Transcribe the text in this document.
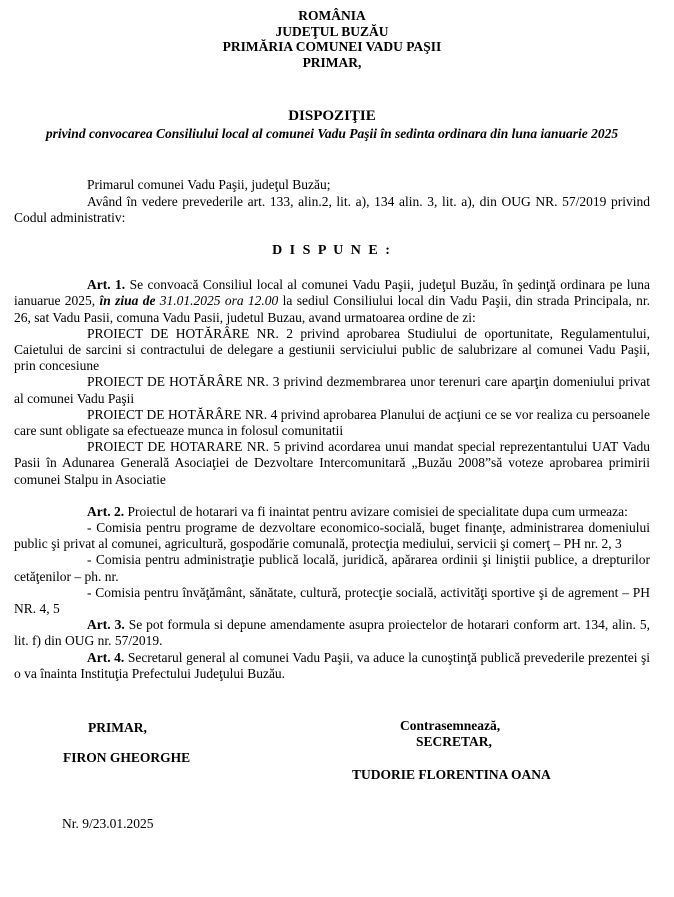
ROMÂNIA
JUDEŢUL BUZĂU
PRIMĂRIA COMUNEI VADU PAŞII
PRIMAR,
DISPOZIŢIE
privind convocarea Consiliului local al comunei Vadu Paşii în sedinta ordinara din luna ianuarie 2025

Primarul comunei Vadu Paşii, judeţul Buzău;

Având în vedere prevederile art. 133, alin.2, lit. a), 134 alin. 3, lit. a), din OUG NR. 57/2019 privind Codul administrativ:

D I S P U N E :

Art. 1. Se convoacă Consiliul local al comunei Vadu Paşii, judeţul Buzău, în şedinţă ordinara pe luna ianuarue 2025, în ziua de 31.01.2025 ora 12.00 la sediul Consiliului local din Vadu Paşii, din strada Principala, nr. 26, sat Vadu Pasii, comuna Vadu Pasii, judetul Buzau, avand urmatoarea ordine de zi:

PROIECT DE HOTĂRÂRE NR. 2 privind aprobarea Studiului de oportunitate, Regulamentului, Caietului de sarcini si contractului de delegare a gestiunii serviciului public de salubrizare al comunei Vadu Paşii, prin concesiune

PROIECT DE HOTĂRÂRE NR. 3 privind dezmembrarea unor terenuri care aparţin domeniului privat al comunei Vadu Paşii

PROIECT DE HOTĂRÂRE NR. 4 privind aprobarea Planului de acţiuni ce se vor realiza cu persoanele care sunt obligate sa efectueaze munca in folosul comunitatii

PROIECT DE HOTARARE NR. 5 privind acordarea unui mandat special reprezentantului UAT Vadu Pasii în Adunarea Generală Asociaţiei de Dezvoltare Intercomunitară „Buzău 2008”să voteze aprobarea primirii comunei Stalpu in Asociatie

Art. 2. Proiectul de hotarari va fi inaintat pentru avizare comisiei de specialitate dupa cum urmeaza:

- Comisia pentru programe de dezvoltare economico-socială, buget finanţe, administrarea domeniului public şi privat al comunei, agricultură, gospodărie comunală, protecţia mediului, servicii şi comerţ – PH nr. 2, 3

- Comisia pentru administraţie publică locală, juridică, apărarea ordinii şi liniştii publice, a drepturilor cetăţenilor – ph. nr.

- Comisia pentru învăţământ, sănătate, cultură, protecţie socială, activităţi sportive şi de agrement – PH NR. 4, 5

Art. 3. Se pot formula si depune amendamente asupra proiectelor de hotarari conform art. 134, alin. 5, lit. f) din OUG nr. 57/2019.

Art. 4. Secretarul general al comunei Vadu Paşii, va aduce la cunoştinţă publică prevederile prezentei şi o va înainta Instituţia Prefectului Judeţului Buzău.

PRIMAR,
FIRON GHEORGHE
Contrasemnează,
SECRETAR,
TUDORIE FLORENTINA OANA
Nr. 9/23.01.2025
